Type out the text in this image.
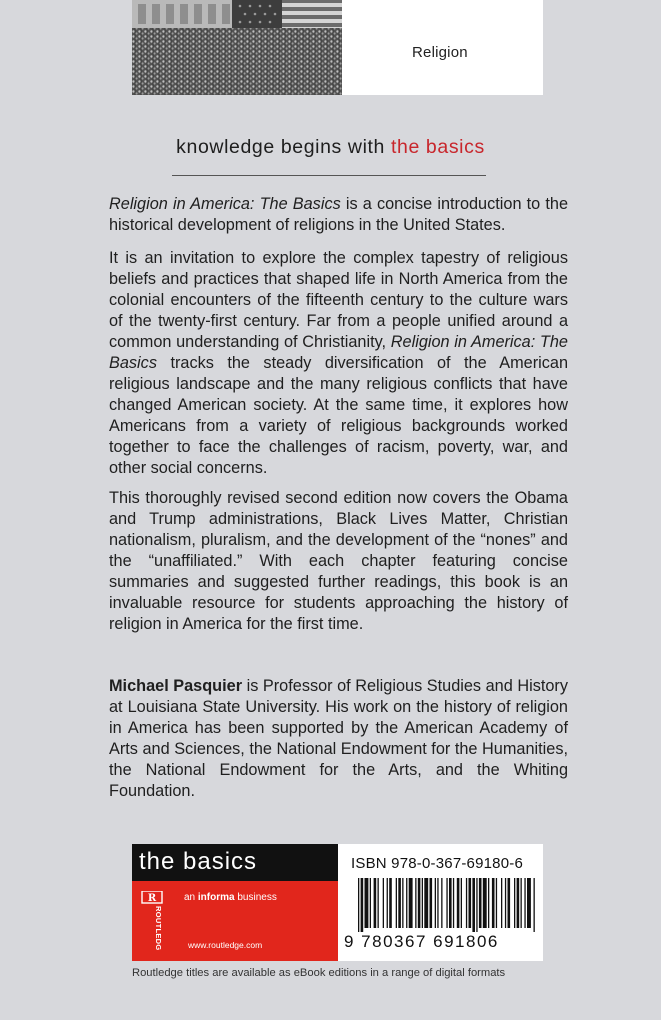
Religion
knowledge begins with the basics

Religion in America: The Basics is a concise introduction to the historical development of religions in the United States.

It is an invitation to explore the complex tapestry of religious beliefs and practices that shaped life in North America from the colonial encounters of the fifteenth century to the culture wars of the twenty-first century. Far from a people unified around a common understanding of Christianity, Religion in America: The Basics tracks the steady diversification of the American religious landscape and the many religious conflicts that have changed American society. At the same time, it explores how Americans from a variety of religious backgrounds worked together to face the challenges of racism, poverty, war, and other social concerns.

This thoroughly revised second edition now covers the Obama and Trump administrations, Black Lives Matter, Christian nationalism, pluralism, and the development of the “nones” and the “unaffiliated.” With each chapter featuring concise summaries and suggested further readings, this book is an invaluable resource for students approaching the history of religion in America for the first time.

Michael Pasquier is Professor of Religious Studies and History at Louisiana State University. His work on the history of religion in America has been supported by the American Academy of Arts and Sciences, the National Endowment for the Humanities, the National Endowment for the Arts, and the Whiting Foundation.

the basics
R
ROUTLEDGE
an informa business
www.routledge.com
ISBN 978-0-367-69180-6
9 780367 691806
Routledge titles are available as eBook editions in a range of digital formats
